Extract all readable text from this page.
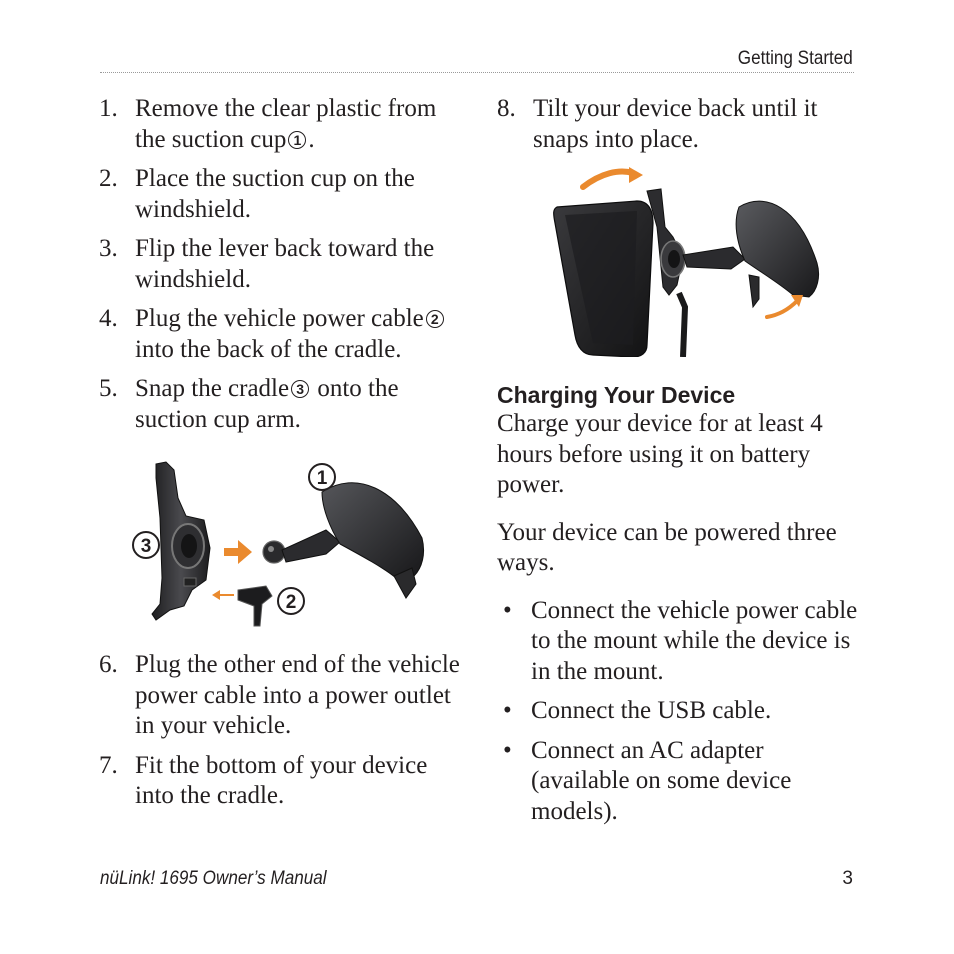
Getting Started
1. Remove the clear plastic from the suction cup 1 .
2. Place the suction cup on the windshield.
3. Flip the lever back toward the windshield.
4. Plug the vehicle power cable 2 into the back of the cradle.
5. Snap the cradle 3 onto the suction cup arm.
1
2
3
6. Plug the other end of the vehicle power cable into a power outlet in your vehicle.
7. Fit the bottom of your device into the cradle.
8. Tilt your device back until it snaps into place.
Charging Your Device

Charge your device for at least 4 hours before using it on battery power.

Your device can be powered three ways.

• Connect the vehicle power cable to the mount while the device is in the mount.
• Connect the USB cable.
• Connect an AC adapter (available on some device models).
nüLink! 1695 Owner’s Manual	3
